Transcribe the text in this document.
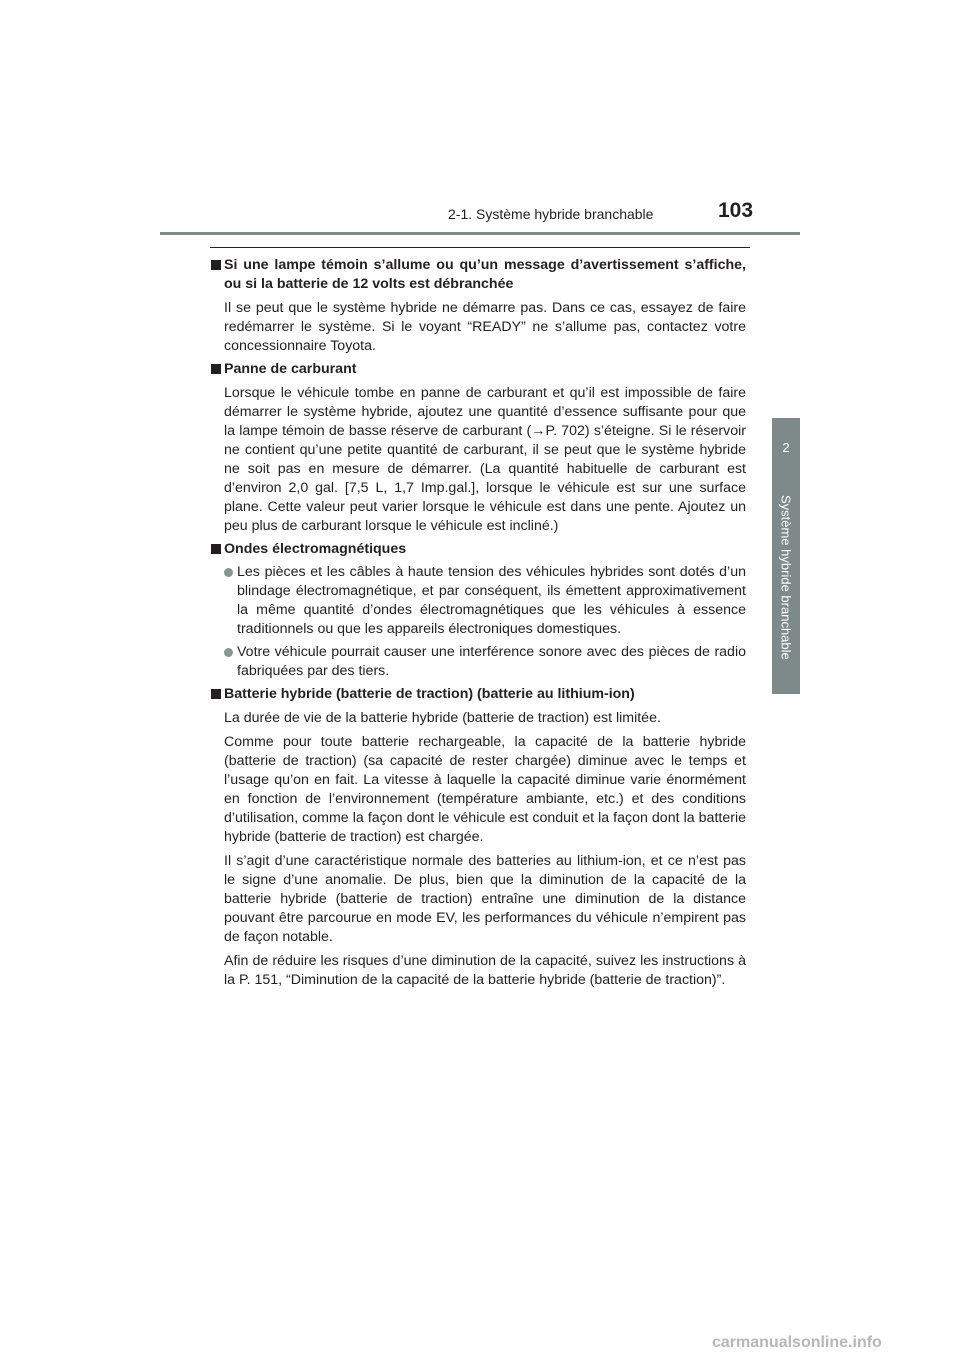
2-1. Système hybride branchable	103
2
Système hybride branchable
Si une lampe témoin s’allume ou qu’un message d’avertissement s’affiche, ou si la batterie de 12 volts est débranchée
Il se peut que le système hybride ne démarre pas. Dans ce cas, essayez de faire redémarrer le système. Si le voyant “READY” ne s’allume pas, contactez votre concessionnaire Toyota.
Panne de carburant
Lorsque le véhicule tombe en panne de carburant et qu’il est impossible de faire démarrer le système hybride, ajoutez une quantité d’essence suffisante pour que la lampe témoin de basse réserve de carburant (→P. 702) s’éteigne. Si le réservoir ne contient qu’une petite quantité de carburant, il se peut que le système hybride ne soit pas en mesure de démarrer. (La quantité habituelle de carburant est d’environ 2,0 gal. [7,5 L, 1,7 Imp.gal.], lorsque le véhicule est sur une surface plane. Cette valeur peut varier lorsque le véhicule est dans une pente. Ajoutez un peu plus de carburant lorsque le véhicule est incliné.)
Ondes électromagnétiques
Les pièces et les câbles à haute tension des véhicules hybrides sont dotés d’un blindage électromagnétique, et par conséquent, ils émettent approximativement la même quantité d’ondes électromagnétiques que les véhicules à essence traditionnels ou que les appareils électroniques domestiques.
Votre véhicule pourrait causer une interférence sonore avec des pièces de radio fabriquées par des tiers.
Batterie hybride (batterie de traction) (batterie au lithium-ion)
La durée de vie de la batterie hybride (batterie de traction) est limitée.
Comme pour toute batterie rechargeable, la capacité de la batterie hybride (batterie de traction) (sa capacité de rester chargée) diminue avec le temps et l’usage qu’on en fait. La vitesse à laquelle la capacité diminue varie énormément en fonction de l’environnement (température ambiante, etc.) et des conditions d’utilisation, comme la façon dont le véhicule est conduit et la façon dont la batterie hybride (batterie de traction) est chargée.
Il s’agit d’une caractéristique normale des batteries au lithium-ion, et ce n’est pas le signe d’une anomalie. De plus, bien que la diminution de la capacité de la batterie hybride (batterie de traction) entraîne une diminution de la distance pouvant être parcourue en mode EV, les performances du véhicule n’empirent pas de façon notable.
Afin de réduire les risques d’une diminution de la capacité, suivez les instructions à la P. 151, “Diminution de la capacité de la batterie hybride (batterie de traction)”.
carmanualsonline.info
